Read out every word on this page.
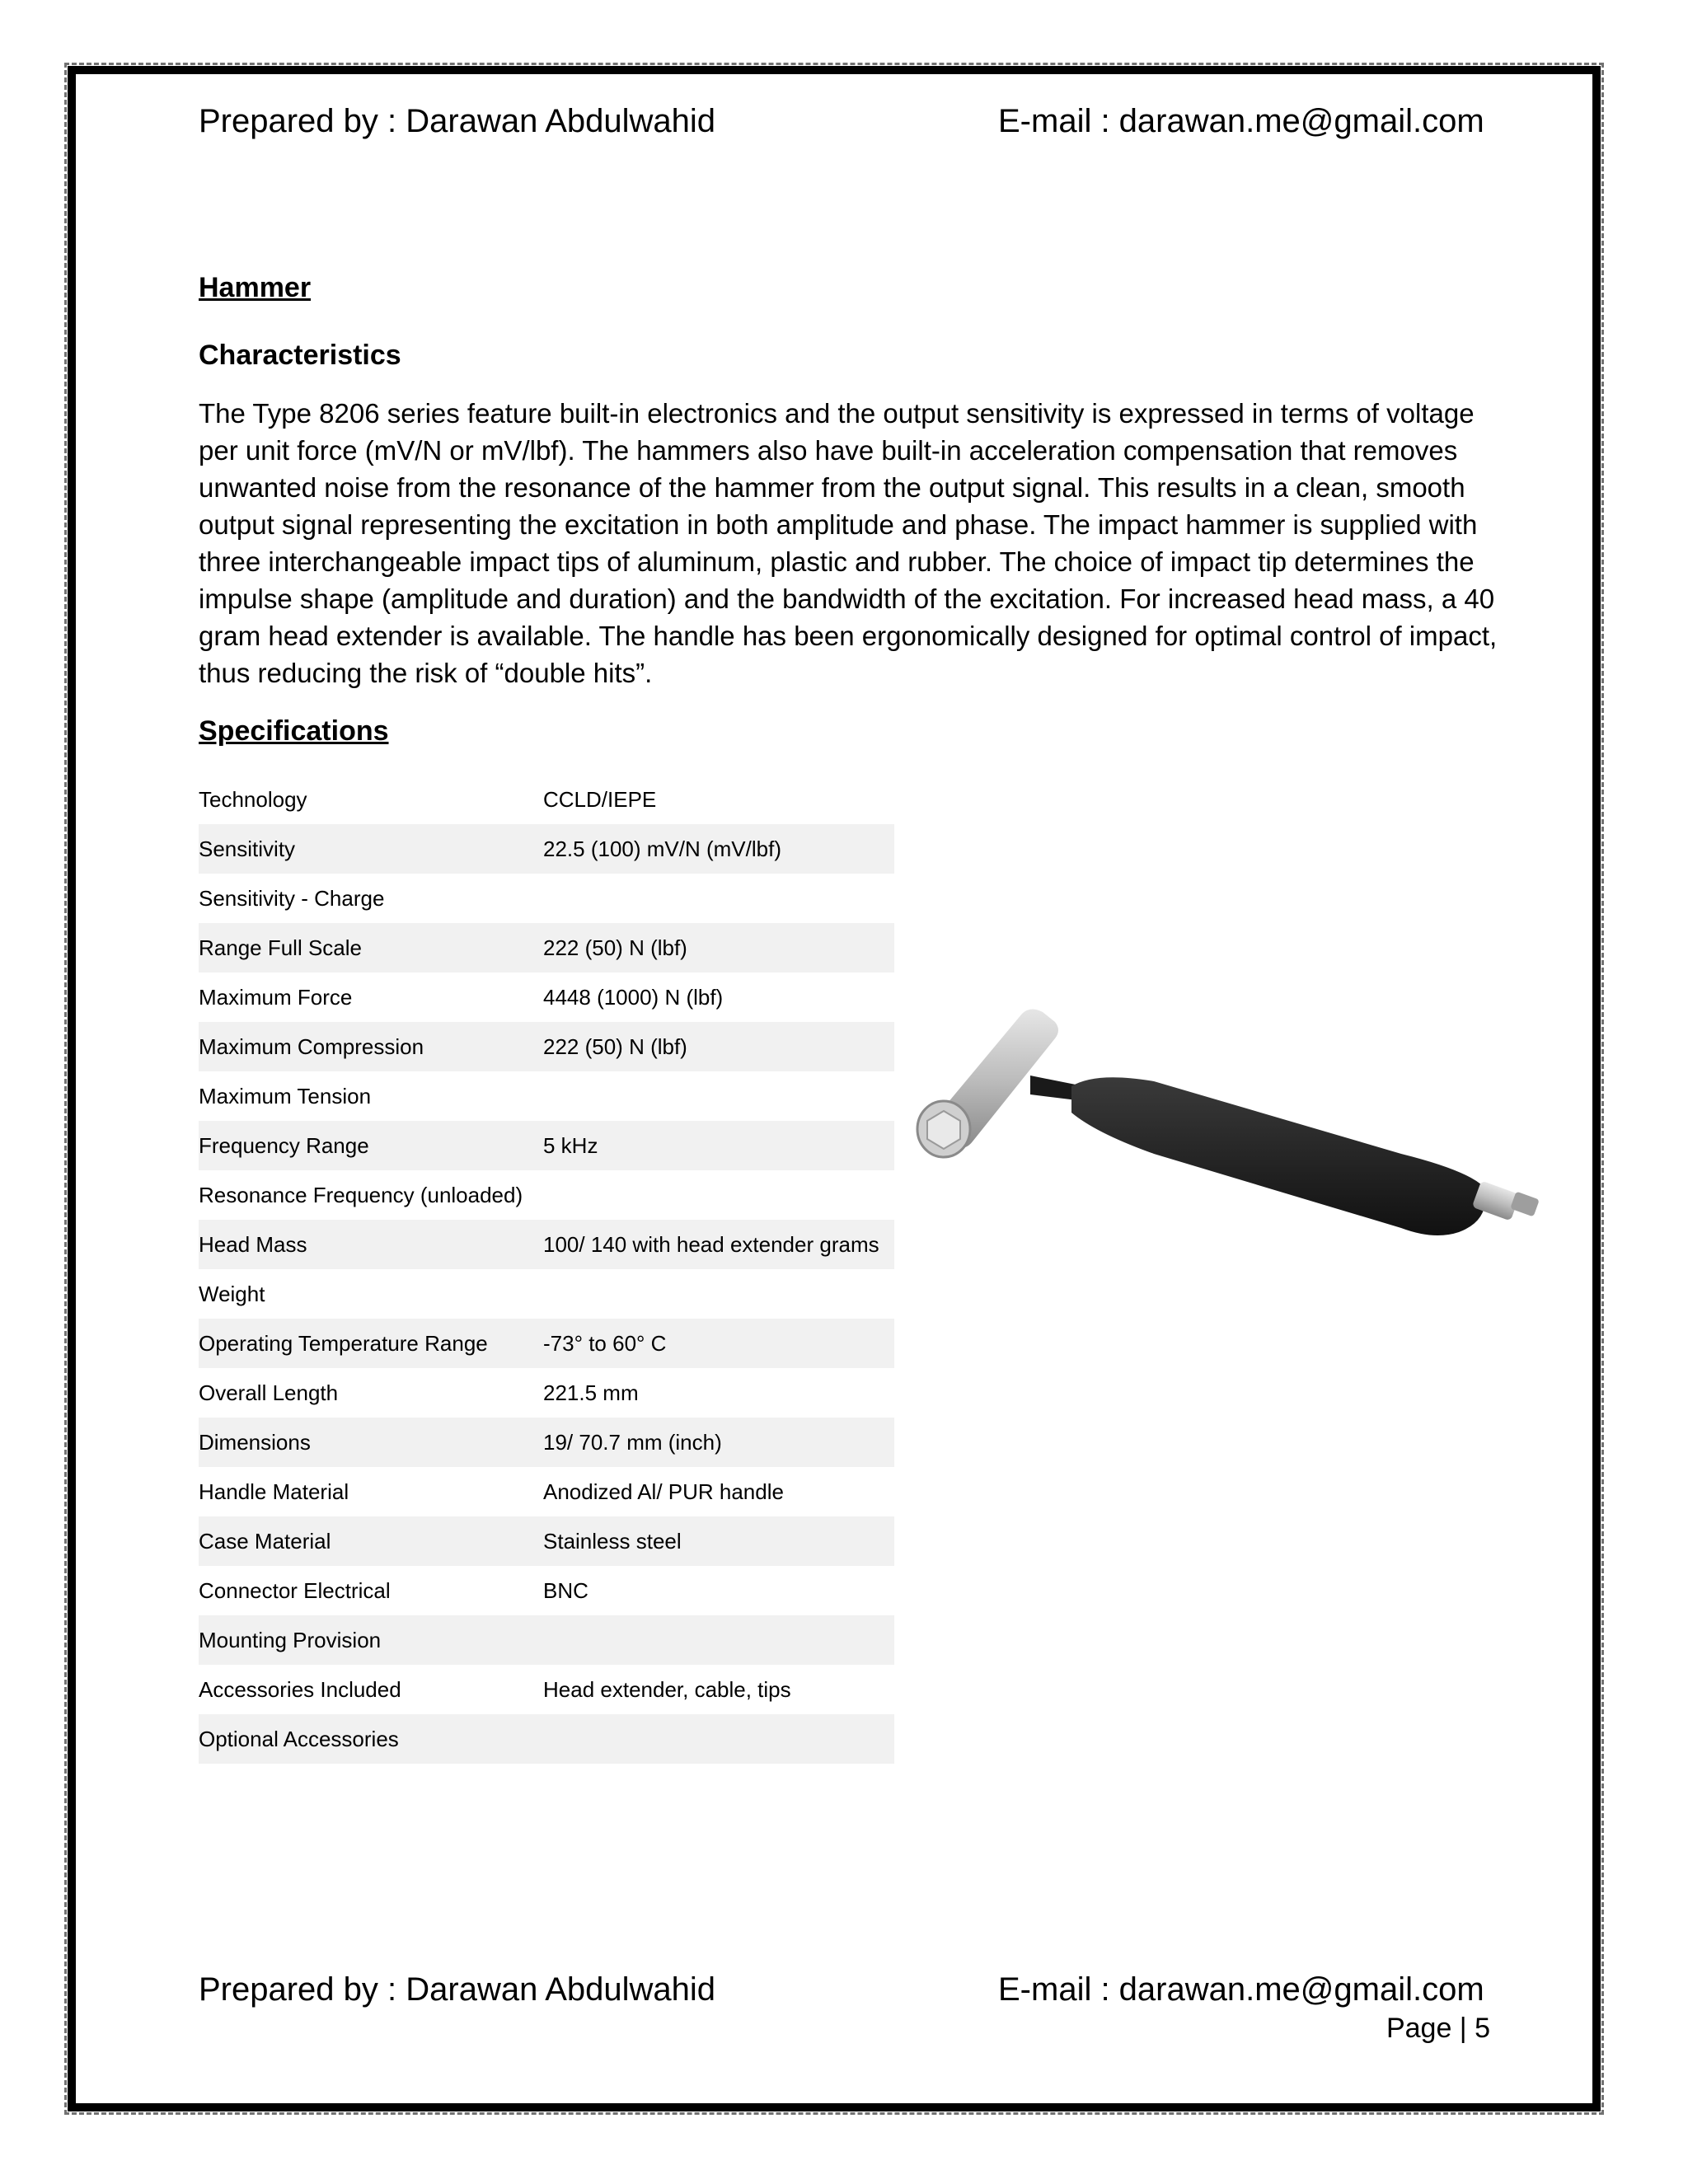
Prepared by : Darawan Abdulwahid	E-mail : darawan.me@gmail.com
Hammer
Characteristics
The Type 8206 series feature built-in electronics and the output sensitivity is expressed in terms of voltage per unit force (mV/N or mV/lbf). The hammers also have built-in acceleration compensation that removes unwanted noise from the resonance of the hammer from the output signal. This results in a clean, smooth output signal representing the excitation in both amplitude and phase. The impact hammer is supplied with three interchangeable impact tips of aluminum, plastic and rubber. The choice of impact tip determines the impulse shape (amplitude and duration) and the bandwidth of the excitation. For increased head mass, a 40 gram head extender is available. The handle has been ergonomically designed for optimal control of impact, thus reducing the risk of “double hits”.
Specifications
Technology	CCLD/IEPE
Sensitivity	22.5 (100) mV/N (mV/lbf)
Sensitivity - Charge	
Range Full Scale	222 (50) N (lbf)
Maximum Force	4448 (1000) N (lbf)
Maximum Compression	222 (50) N (lbf)
Maximum Tension	
Frequency Range	5 kHz
Resonance Frequency (unloaded)	
Head Mass	100/ 140 with head extender grams
Weight	
Operating Temperature Range	-73° to 60° C
Overall Length	221.5 mm
Dimensions	19/ 70.7 mm (inch)
Handle Material	Anodized Al/ PUR handle
Case Material	Stainless steel
Connector Electrical	BNC
Mounting Provision	
Accessories Included	Head extender, cable, tips
Optional Accessories	
Prepared by : Darawan Abdulwahid	E-mail : darawan.me@gmail.com
Page | 5
